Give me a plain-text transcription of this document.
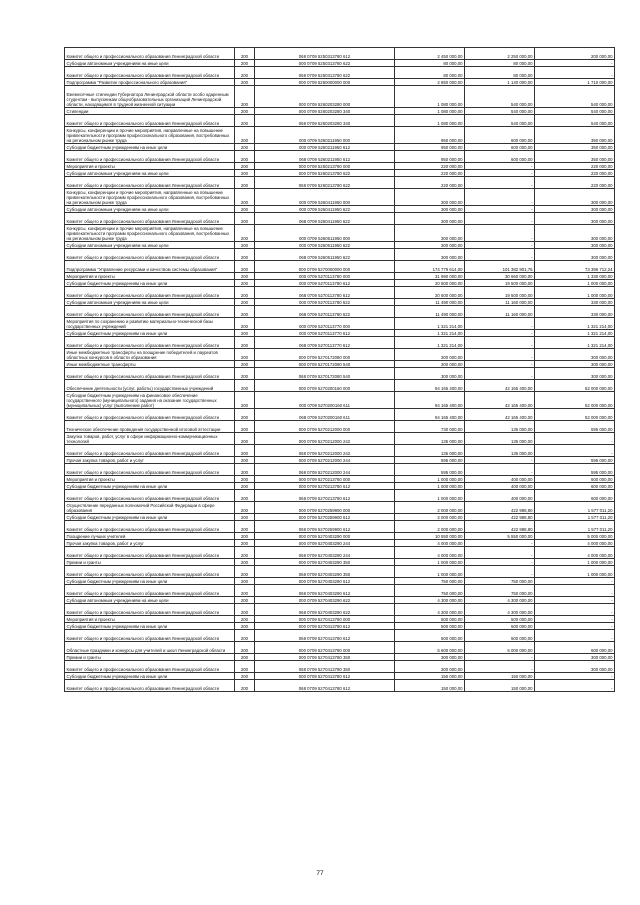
Комитет общего и профессионального образования Ленинградской области	200	068 0709 5250313780 612	2 450 000,00	2 250 000,00	200 000,00
Субсидии автономным учреждениям на иные цели	200	000 0709 5250313780 622	80 000,00	80 000,00	-
Комитет общего и профессионального образования Ленинградской области	200	068 0709 5250313780 622	80 000,00	80 000,00	-
Подпрограмма "Развитие профессионального образования"	200	000 0709 5260000000 000	2 850 000,00	1 140 000,00	1 710 000,00
Ежемесячные стипендии Губернатора Ленинградской области особо одаренным студентам - выпускникам общеобразовательных организаций Ленинградской области, находящимся в трудной жизненной ситуации	200	000 0709 5260203280 000	1 080 000,00	540 000,00	540 000,00
Стипендии	200	000 0709 5260203280 340	1 080 000,00	540 000,00	540 000,00
Комитет общего и профессионального образования Ленинградской области	200	068 0709 5260203280 340	1 080 000,00	540 000,00	540 000,00
Конкурсы, конференции и прочие мероприятия, направленные на повышение привлекательности программ профессионального образования, востребованных на региональном рынке труда	200	000 0709 5260211950 000	950 000,00	600 000,00	350 000,00
Субсидии бюджетным учреждениям на иные цели	200	000 0709 5260211950 612	950 000,00	600 000,00	350 000,00
Комитет общего и профессионального образования Ленинградской области	200	068 0709 5260211950 612	950 000,00	600 000,00	350 000,00
Мероприятия и проекты	200	000 0709 5260213780 000	220 000,00	-	220 000,00
Субсидии автономным учреждениям на иные цели	200	000 0709 5260213780 622	220 000,00	-	220 000,00
Комитет общего и профессионального образования Ленинградской области	200	068 0709 5260213780 622	220 000,00	-	220 000,00
Конкурсы, конференции и прочие мероприятия, направленные на повышение привлекательности программ профессионального образования, востребованных на региональном рынке труда	200	000 0709 5260411950 000	300 000,00	-	300 000,00
Субсидии автономным учреждениям на иные цели	200	000 0709 5260411950 622	300 000,00	-	300 000,00
Комитет общего и профессионального образования Ленинградской области	200	068 0709 5260411950 622	300 000,00	-	300 000,00
Конкурсы, конференции и прочие мероприятия, направленные на повышение привлекательности программ профессионального образования, востребованных на региональном рынке труда	200	000 0709 5260511950 000	300 000,00	-	300 000,00
Субсидии автономным учреждениям на иные цели	200	000 0709 5260511950 622	300 000,00	-	300 000,00
Комитет общего и профессионального образования Ленинградской области	200	068 0709 5260511950 622	300 000,00	-	300 000,00
Подпрограмма "Управление ресурсами и качеством системы образования"	200	000 0709 5270000000 000	174 779 614,00	101 382 901,76	73 396 712,24
Мероприятия и проекты	200	000 0709 5270113780 000	31 990 000,00	30 660 000,00	1 330 000,00
Субсидии бюджетным учреждениям на иные цели	200	000 0709 5270113780 612	20 500 000,00	19 500 000,00	1 000 000,00
Комитет общего и профессионального образования Ленинградской области	200	068 0709 5270113780 612	20 500 000,00	19 500 000,00	1 000 000,00
Субсидии автономным учреждениям на иные цели	200	000 0709 5270113780 622	11 490 000,00	11 160 000,00	330 000,00
Комитет общего и профессионального образования Ленинградской области	200	068 0709 5270113780 622	11 490 000,00	11 160 000,00	330 000,00
Мероприятия по сохранению и развитию материально-технической базы государственных учреждений	200	000 0709 5270113770 000	1 321 214,00	-	1 321 214,00
Субсидии бюджетным учреждениям на иные цели	200	000 0709 5270113770 612	1 321 214,00	-	1 321 214,00
Комитет общего и профессионального образования Ленинградской области	200	068 0709 5270113770 612	1 321 214,00	-	1 321 214,00
Иные межбюджетные трансферты на поощрение победителей и лауреатов областных конкурсов в области образования	200	000 0709 5270172080 000	300 000,00	-	300 000,00
Иные межбюджетные трансферты	200	000 0709 5270172080 540	300 000,00	-	300 000,00
Комитет общего и профессионального образования Ленинградской области	200	068 0709 5270172080 540	300 000,00	-	300 000,00
Обеспечение деятельности (услуг, работы) государственных учреждений	200	000 0709 5270200160 000	94 165 400,00	42 165 400,00	52 000 000,00
Субсидии бюджетным учреждениям на финансовое обеспечение государственного (муниципального) задания на оказание государственных (муниципальных) услуг (выполнение работ)	200	000 0709 5270200160 611	94 165 400,00	42 165 400,00	52 000 000,00
Комитет общего и профессионального образования Ленинградской области	200	068 0709 5270200160 611	94 165 400,00	42 165 400,00	52 000 000,00
Техническое обеспечение проведения государственной итоговой аттестации	200	000 0709 5270212000 000	730 000,00	135 000,00	595 000,00
Закупка товаров, работ, услуг в сфере информационно-коммуникационных технологий	200	000 0709 5270212000 242	135 000,00	135 000,00	-
Комитет общего и профессионального образования Ленинградской области	200	068 0709 5270212000 242	135 000,00	135 000,00	-
Прочая закупка товаров, работ и услуг	200	000 0709 5270212000 244	595 000,00	-	595 000,00
Комитет общего и профессионального образования Ленинградской области	200	068 0709 5270212000 244	595 000,00	-	595 000,00
Мероприятия и проекты	200	000 0709 5270213780 000	1 000 000,00	400 000,00	600 000,00
Субсидии бюджетным учреждениям на иные цели	200	000 0709 5270213780 612	1 000 000,00	400 000,00	600 000,00
Комитет общего и профессионального образования Ленинградской области	200	068 0709 5270213780 612	1 000 000,00	400 000,00	600 000,00
Осуществление переданных полномочий Российской Федерации в сфере образования	200	000 0709 5270259900 000	2 000 000,00	422 988,80	1 577 011,20
Субсидии бюджетным учреждениям на иные цели	200	000 0709 5270259900 612	2 000 000,00	422 988,80	1 577 011,20
Комитет общего и профессионального образования Ленинградской области	200	068 0709 5270259900 612	2 000 000,00	422 988,80	1 577 011,20
Поощрение лучших учителей	200	000 0709 5270403290 000	10 550 000,00	5 550 000,00	5 000 000,00
Прочая закупка товаров, работ и услуг	200	000 0709 5270403290 244	4 000 000,00	-	4 000 000,00
Комитет общего и профессионального образования Ленинградской области	200	068 0709 5270403290 244	4 000 000,00	-	4 000 000,00
Премии и гранты	200	000 0709 5270403290 350	1 000 000,00	-	1 000 000,00
Комитет общего и профессионального образования Ленинградской области	200	068 0709 5270403290 350	1 000 000,00	-	1 000 000,00
Субсидии бюджетным учреждениям на иные цели	200	000 0709 5270403290 612	750 000,00	750 000,00	-
Комитет общего и профессионального образования Ленинградской области	200	068 0709 5270403290 612	750 000,00	750 000,00	-
Субсидии автономным учреждениям на иные цели	200	000 0709 5270403290 622	4 300 000,00	4 300 000,00	-
Комитет общего и профессионального образования Ленинградской области	200	068 0709 5270403290 622	4 300 000,00	4 300 000,00	-
Мероприятия и проекты	200	000 0709 5270413780 000	500 000,00	500 000,00	-
Субсидии бюджетным учреждениям на иные цели	200	000 0709 5270413780 612	500 000,00	500 000,00	-
Комитет общего и профессионального образования Ленинградской области	200	068 0709 5270413780 612	500 000,00	500 000,00	-
Областные праздники и конкурсы для учителей и школ Ленинградской области	200	000 0709 5270413780 000	5 600 000,00	5 000 000,00	600 000,00
Премии и гранты	200	000 0709 5270413780 350	300 000,00	-	300 000,00
Комитет общего и профессионального образования Ленинградской области	200	068 0709 5270413780 350	300 000,00	-	300 000,00
Субсидии бюджетным учреждениям на иные цели	200	000 0709 5270413780 612	150 000,00	150 000,00	-
Комитет общего и профессионального образования Ленинградской области	200	068 0709 5270413780 612	150 000,00	150 000,00	-
77
